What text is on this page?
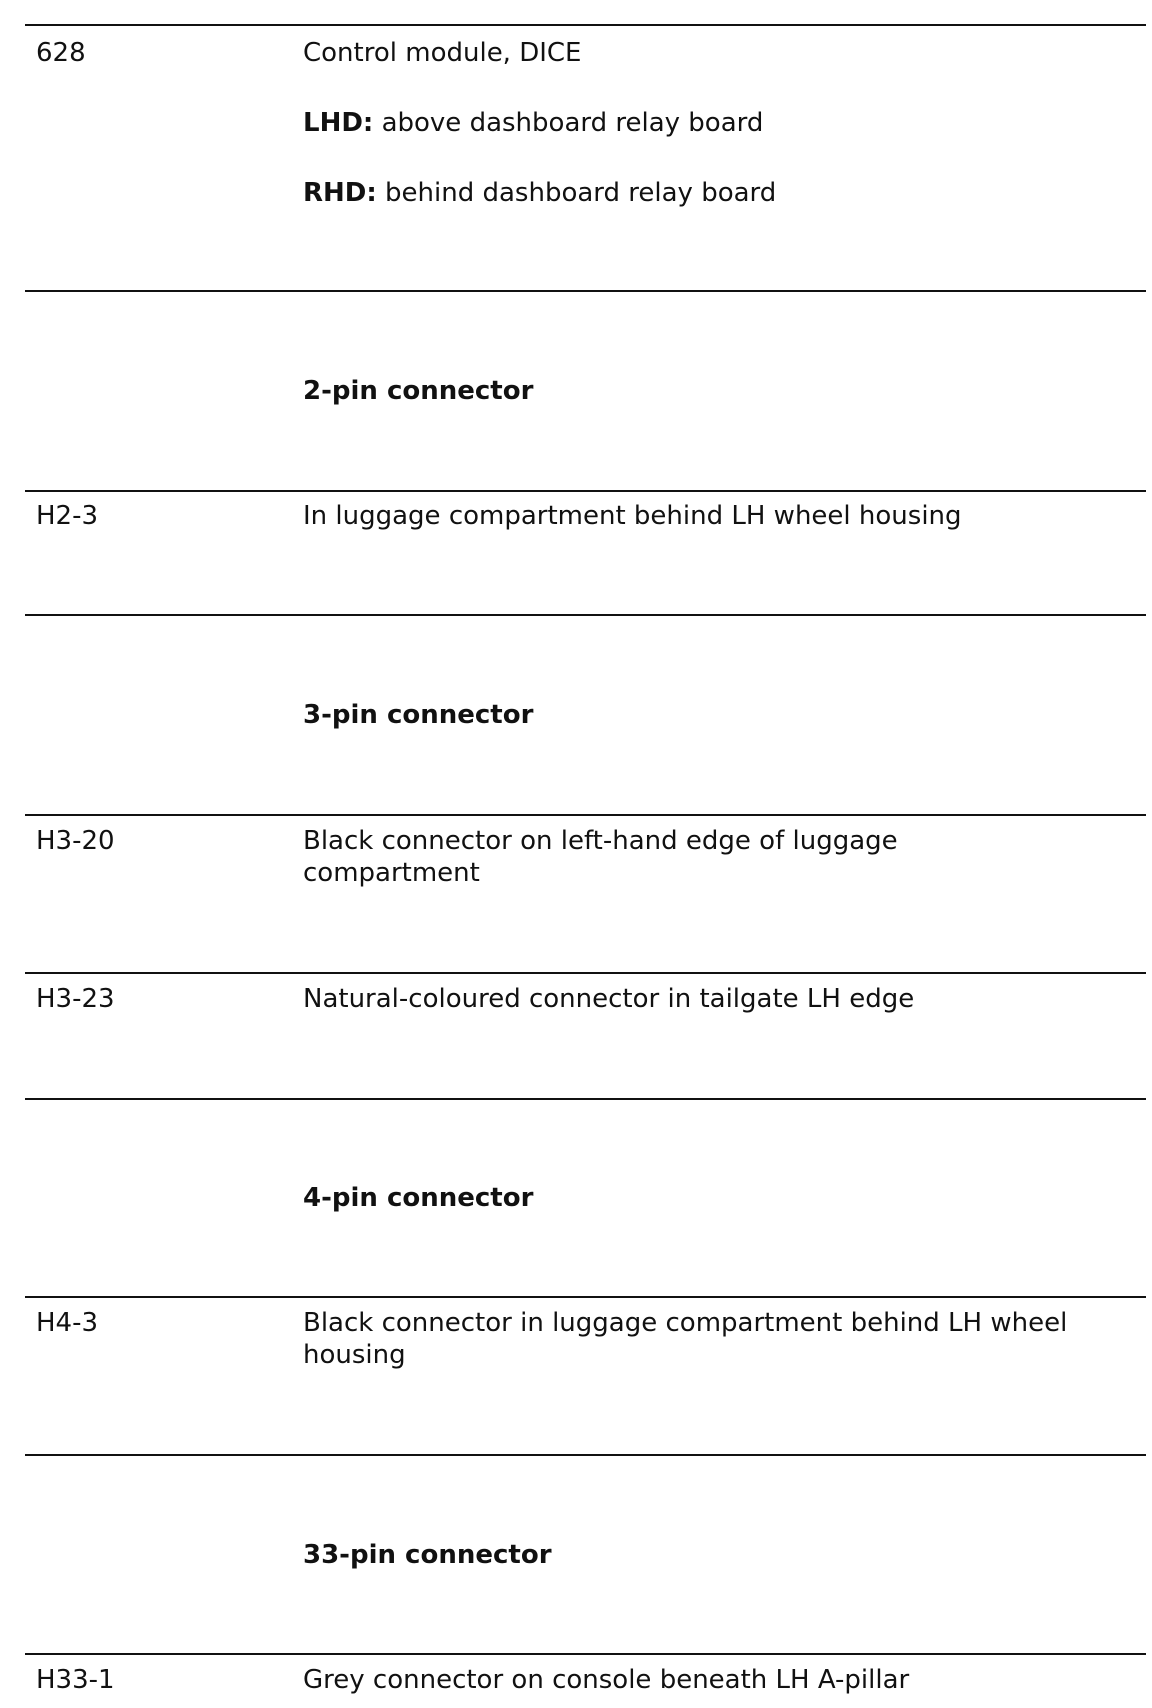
628	Control module, DICE
LHD: above dashboard relay board
RHD: behind dashboard relay board
2-pin connector
H2-3	In luggage compartment behind LH wheel housing
3-pin connector
H3-20	Black connector on left-hand edge of luggage compartment
H3-23	Natural-coloured connector in tailgate LH edge
4-pin connector
H4-3	Black connector in luggage compartment behind LH wheel housing
33-pin connector
H33-1	Grey connector on console beneath LH A-pillar
